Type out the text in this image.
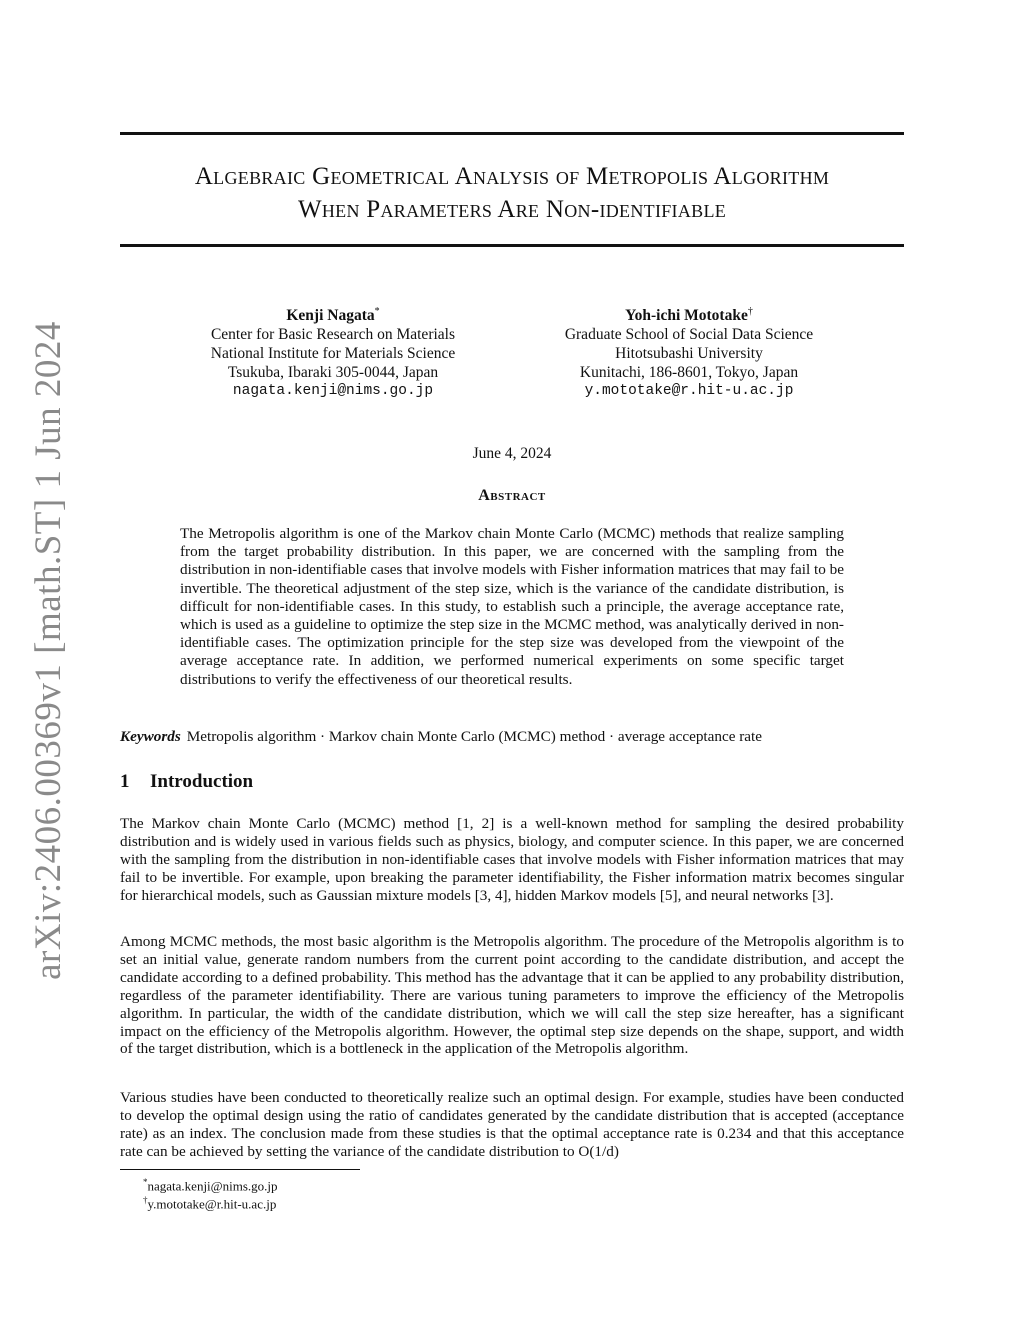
arXiv:2406.00369v1 [math.ST] 1 Jun 2024
Algebraic Geometrical Analysis of Metropolis Algorithm
When Parameters Are Non-identifiable
Kenji Nagata*
Center for Basic Research on Materials
National Institute for Materials Science
Tsukuba, Ibaraki 305-0044, Japan
nagata.kenji@nims.go.jp
Yoh-ichi Mototake†
Graduate School of Social Data Science
Hitotsubashi University
Kunitachi, 186-8601, Tokyo, Japan
y.mototake@r.hit-u.ac.jp
June 4, 2024
Abstract
The Metropolis algorithm is one of the Markov chain Monte Carlo (MCMC) methods that realize sampling from the target probability distribution. In this paper, we are concerned with the sampling from the distribution in non-identifiable cases that involve models with Fisher information matrices that may fail to be invertible. The theoretical adjustment of the step size, which is the variance of the candidate distribution, is difficult for non-identifiable cases. In this study, to establish such a principle, the average acceptance rate, which is used as a guideline to optimize the step size in the MCMC method, was analytically derived in non-identifiable cases. The optimization principle for the step size was developed from the viewpoint of the average acceptance rate. In addition, we performed numerical experiments on some specific target distributions to verify the effectiveness of our theoretical results.
Keywords Metropolis algorithm · Markov chain Monte Carlo (MCMC) method · average acceptance rate
1 Introduction

The Markov chain Monte Carlo (MCMC) method [1, 2] is a well-known method for sampling the desired probability distribution and is widely used in various fields such as physics, biology, and computer science. In this paper, we are concerned with the sampling from the distribution in non-identifiable cases that involve models with Fisher information matrices that may fail to be invertible. For example, upon breaking the parameter identifiability, the Fisher information matrix becomes singular for hierarchical models, such as Gaussian mixture models [3, 4], hidden Markov models [5], and neural networks [3].

Among MCMC methods, the most basic algorithm is the Metropolis algorithm. The procedure of the Metropolis algorithm is to set an initial value, generate random numbers from the current point according to the candidate distribution, and accept the candidate according to a defined probability. This method has the advantage that it can be applied to any probability distribution, regardless of the parameter identifiability. There are various tuning parameters to improve the efficiency of the Metropolis algorithm. In particular, the width of the candidate distribution, which we will call the step size hereafter, has a significant impact on the efficiency of the Metropolis algorithm. However, the optimal step size depends on the shape, support, and width of the target distribution, which is a bottleneck in the application of the Metropolis algorithm.

Various studies have been conducted to theoretically realize such an optimal design. For example, studies have been conducted to develop the optimal design using the ratio of candidates generated by the candidate distribution that is accepted (acceptance rate) as an index. The conclusion made from these studies is that the optimal acceptance rate is 0.234 and that this acceptance rate can be achieved by setting the variance of the candidate distribution to O(1/d)

*nagata.kenji@nims.go.jp
†y.mototake@r.hit-u.ac.jp
